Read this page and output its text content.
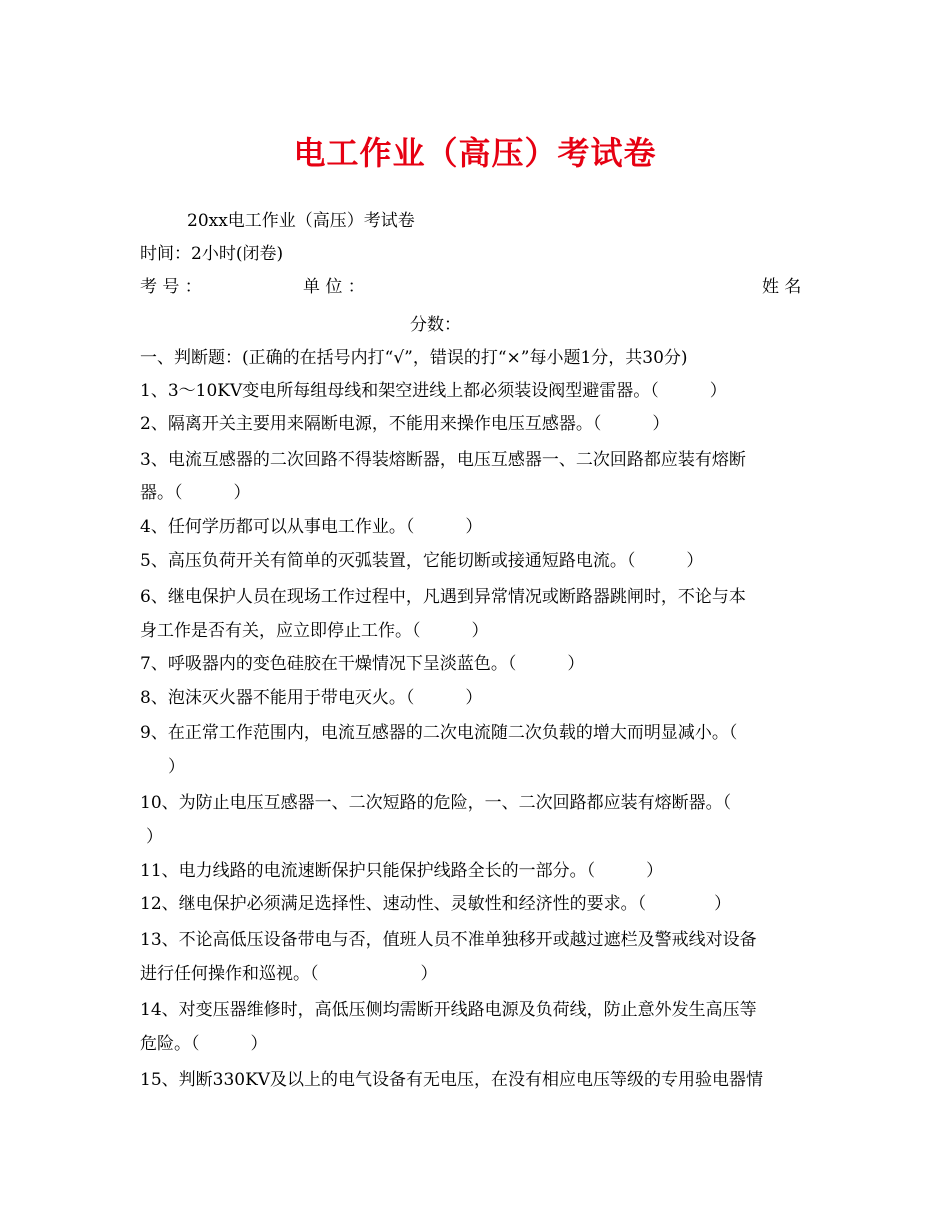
电工作业（高压）考试卷
20xx电工作业（高压）考试卷
时间：2小时(闭卷)
考 号 ：	单 位 ：	姓 名
分数：
一、判断题：(正确的在括号内打“√”，错误的打“×”每小题1分，共30分)
1、3～10KV变电所每组母线和架空进线上都必须装设阀型避雷器。（　　　）
2、隔离开关主要用来隔断电源，不能用来操作电压互感器。（　　　）
3、电流互感器的二次回路不得装熔断器，电压互感器一、二次回路都应装有熔断
器。（　　　）
4、任何学历都可以从事电工作业。（　　　）
5、高压负荷开关有简单的灭弧装置，它能切断或接通短路电流。（　　　）
6、继电保护人员在现场工作过程中，凡遇到异常情况或断路器跳闸时，不论与本
身工作是否有关，应立即停止工作。（　　　）
7、呼吸器内的变色硅胶在干燥情况下呈淡蓝色。（　　　）
8、泡沫灭火器不能用于带电灭火。（　　　）
9、在正常工作范围内，电流互感器的二次电流随二次负载的增大而明显减小。（
）
10、为防止电压互感器一、二次短路的危险，一、二次回路都应装有熔断器。（
）
11、电力线路的电流速断保护只能保护线路全长的一部分。（　　　）
12、继电保护必须满足选择性、速动性、灵敏性和经济性的要求。（　　　　）
13、不论高低压设备带电与否，值班人员不准单独移开或越过遮栏及警戒线对设备
进行任何操作和巡视。（　　　　　　）
14、对变压器维修时，高低压侧均需断开线路电源及负荷线，防止意外发生高压等
危险。（　　　）
15、判断330KV及以上的电气设备有无电压，在没有相应电压等级的专用验电器情
